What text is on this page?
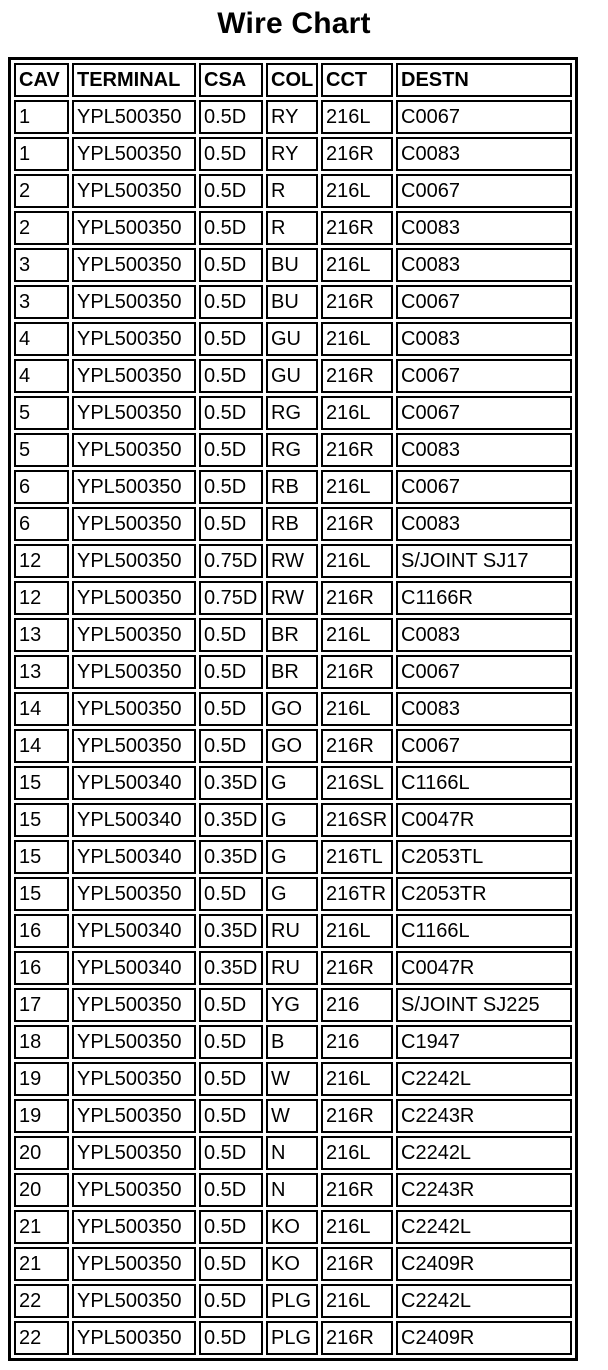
Wire Chart
CAV	TERMINAL	CSA	COL	CCT	DESTN
1	YPL500350	0.5D	RY	216L	C0067
1	YPL500350	0.5D	RY	216R	C0083
2	YPL500350	0.5D	R	216L	C0067
2	YPL500350	0.5D	R	216R	C0083
3	YPL500350	0.5D	BU	216L	C0083
3	YPL500350	0.5D	BU	216R	C0067
4	YPL500350	0.5D	GU	216L	C0083
4	YPL500350	0.5D	GU	216R	C0067
5	YPL500350	0.5D	RG	216L	C0067
5	YPL500350	0.5D	RG	216R	C0083
6	YPL500350	0.5D	RB	216L	C0067
6	YPL500350	0.5D	RB	216R	C0083
12	YPL500350	0.75D	RW	216L	S/JOINT SJ17
12	YPL500350	0.75D	RW	216R	C1166R
13	YPL500350	0.5D	BR	216L	C0083
13	YPL500350	0.5D	BR	216R	C0067
14	YPL500350	0.5D	GO	216L	C0083
14	YPL500350	0.5D	GO	216R	C0067
15	YPL500340	0.35D	G	216SL	C1166L
15	YPL500340	0.35D	G	216SR	C0047R
15	YPL500340	0.35D	G	216TL	C2053TL
15	YPL500350	0.5D	G	216TR	C2053TR
16	YPL500340	0.35D	RU	216L	C1166L
16	YPL500340	0.35D	RU	216R	C0047R
17	YPL500350	0.5D	YG	216	S/JOINT SJ225
18	YPL500350	0.5D	B	216	C1947
19	YPL500350	0.5D	W	216L	C2242L
19	YPL500350	0.5D	W	216R	C2243R
20	YPL500350	0.5D	N	216L	C2242L
20	YPL500350	0.5D	N	216R	C2243R
21	YPL500350	0.5D	KO	216L	C2242L
21	YPL500350	0.5D	KO	216R	C2409R
22	YPL500350	0.5D	PLG	216L	C2242L
22	YPL500350	0.5D	PLG	216R	C2409R
